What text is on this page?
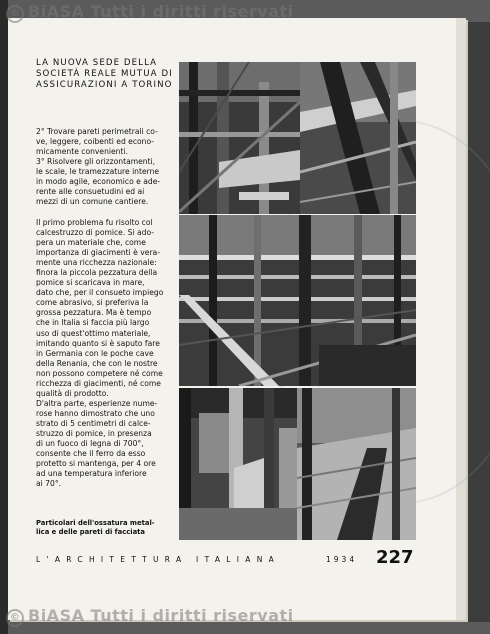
© BiASA Tutti i diritti riservati
LA NUOVA SEDE DELLA
SOCIETÀ REALE MUTUA DI
ASSICURAZIONI A TORINO

2° Trovare pareti perimetrali co-

ve, leggere, coibenti ed econo-

micamente convenienti.

3° Risolvere gli orizzontamenti,

le scale, le tramezzature interne

in modo agile, economico e ade-

rente alle consuetudini ed ai

mezzi di un comune cantiere.

Il primo problema fu risolto col

calcestruzzo di pomice. Si ado-

pera un materiale che, come

importanza di giacimenti è vera-

mente una ricchezza nazionale:

finora la piccola pezzatura della

pomice si scaricava in mare,

dato che, per il consueto impiego

come abrasivo, si preferiva la

grossa pezzatura. Ma è tempo

che in Italia si faccia più largo

uso di quest'ottimo materiale,

imitando quanto si è saputo fare

in Germania con le poche cave

della Renania, che con le nostre

non possono competere né come

ricchezza di giacimenti, né come

qualità di prodotto.

D'altra parte, esperienze nume-

rose hanno dimostrato che uno

strato di 5 centimetri di calce-

struzzo di pomice, in presenza

di un fuoco di legna di 700°,

consente che il ferro da esso

protetto si mantenga, per 4 ore

ad una temperatura inferiore

ai 70°.

Particolari dell'ossatura metal-
lica e delle pareti di facciata
L'ARCHITETTURA ITALIANA	1934 227
© BiASA Tutti i diritti riservati
